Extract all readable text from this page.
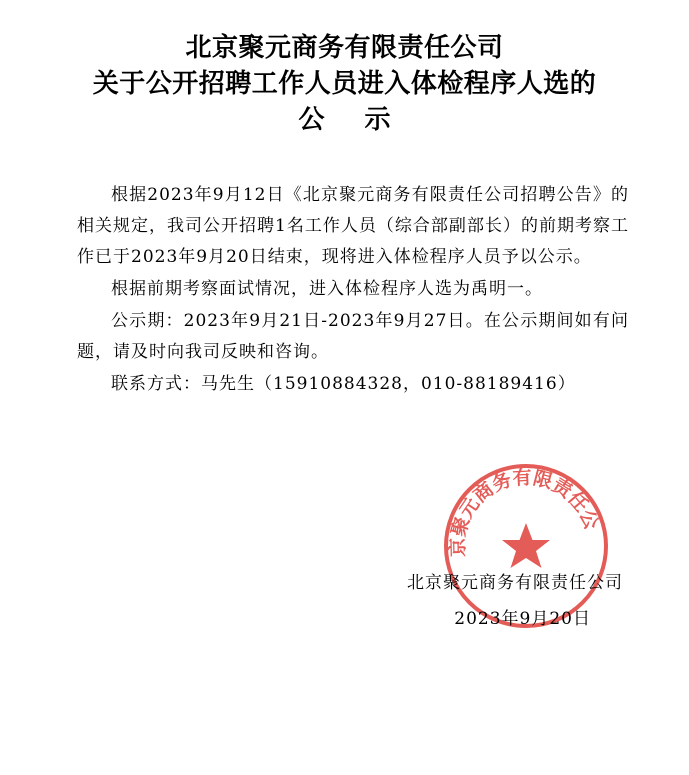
北京聚元商务有限责任公司
关于公开招聘工作人员进入体检程序人选的
公示

根据2023年9月12日《北京聚元商务有限责任公司招聘公告》的相关规定，我司公开招聘1名工作人员（综合部副部长）的前期考察工作已于2023年9月20日结束，现将进入体检程序人员予以公示。

根据前期考察面试情况，进入体检程序人选为禹明一。

公示期：2023年9月21日-2023年9月27日。在公示期间如有问题，请及时向我司反映和咨询。

联系方式：马先生（15910884328，010-88189416）

北京聚元商务有限责任公司
北京聚元商务有限责任公司
2023年9月20日
